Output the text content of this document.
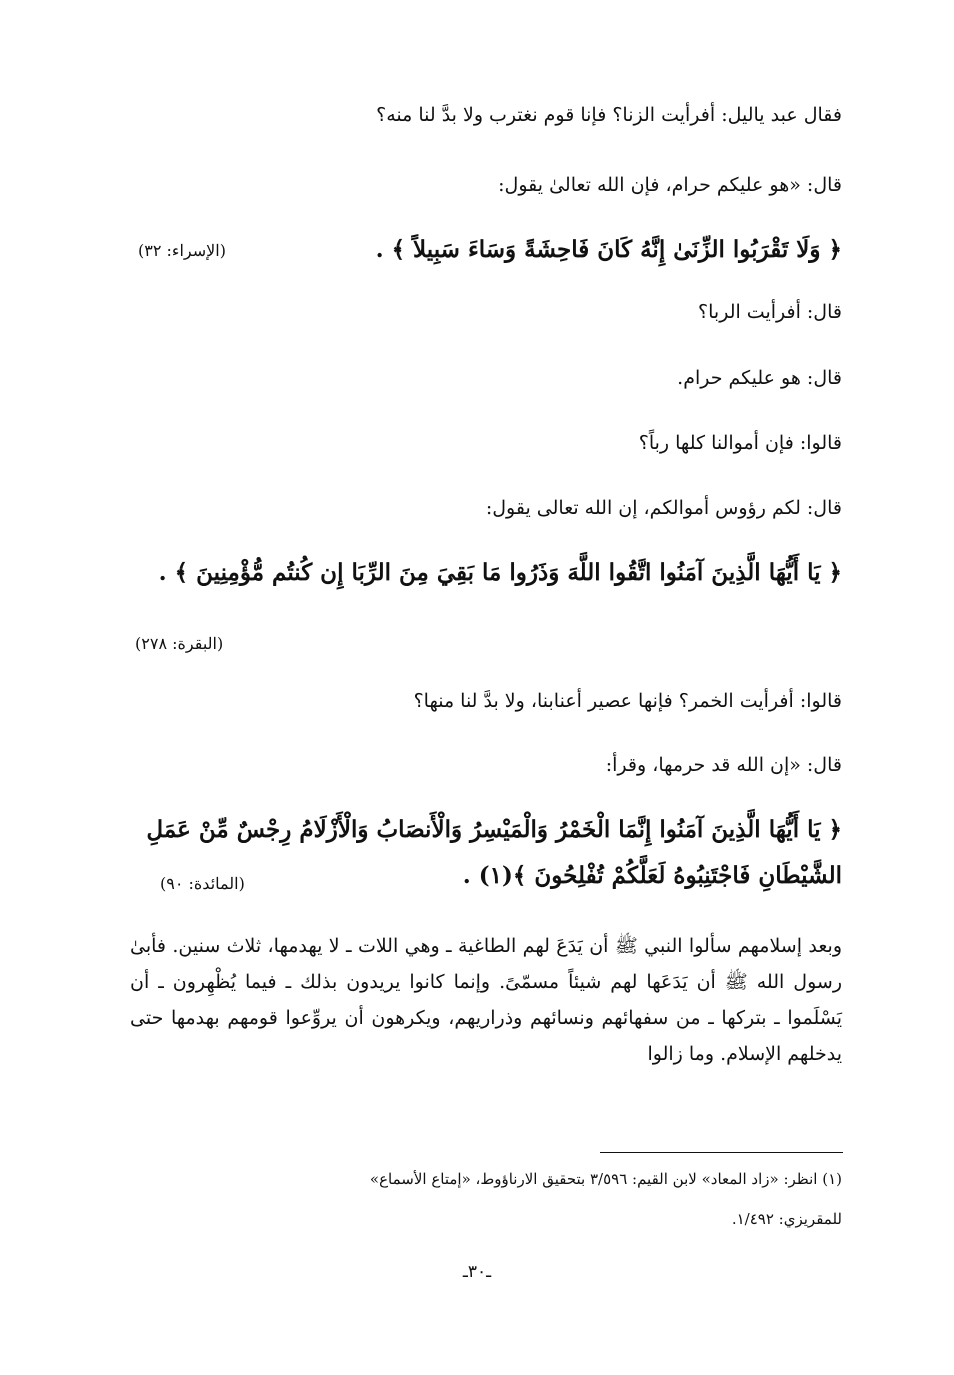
فقال عبد ياليل: أفرأيت الزنا؟ فإنا قوم نغترب ولا بدَّ لنا منه؟
قال: «هو عليكم حرام، فإن الله تعالىٰ يقول:
﴿ وَلَا تَقْرَبُوا الزِّنَىٰ إِنَّهُ كَانَ فَاحِشَةً وَسَاءَ سَبِيلاً ﴾ .
(الإسراء: ٣٢)
قال: أفرأيت الربا؟
قال: هو عليكم حرام.
قالوا: فإن أموالنا كلها رباً؟
قال: لكم رؤوس أموالكم، إن الله تعالى يقول:
﴿ يَا أَيُّهَا الَّذِينَ آمَنُوا اتَّقُوا اللَّهَ وَذَرُوا مَا بَقِيَ مِنَ الرِّبَا إِن كُنتُم مُّؤْمِنِينَ ﴾ .
(البقرة: ٢٧٨)
قالوا: أفرأيت الخمر؟ فإنها عصير أعنابنا، ولا بدَّ لنا منها؟
قال: «إن الله قد حرمها، وقرأ:
﴿ يَا أَيُّهَا الَّذِينَ آمَنُوا إِنَّمَا الْخَمْرُ وَالْمَيْسِرُ وَالْأَنصَابُ وَالْأَزْلَامُ رِجْسٌ مِّنْ عَمَلِ
الشَّيْطَانِ فَاجْتَنِبُوهُ لَعَلَّكُمْ تُفْلِحُونَ ﴾(١) .
(المائدة: ٩٠)
وبعد إسلامهم سألوا النبي ﷺ أن يَدَعَ لهم الطاغية ـ وهي اللات ـ لا يهدمها، ثلاث سنين. فأبىٰ رسول الله ﷺ أن يَدَعَها لهم شيئاً مسمّىً. وإنما كانوا يريدون بذلك ـ فيما يُظْهِرون ـ أن يَسْلَموا ـ بتركها ـ من سفهائهم ونسائهم وذراريهم، ويكرهون أن يروِّعوا قومهم بهدمها حتى يدخلهم الإسلام. وما زالوا
(١) انظر: «زاد المعاد» لابن القيم: ٣/٥٩٦ بتحقيق الارناؤوط، «إمتاع الأسماع»
للمقريزي: ١/٤٩٢.
ـ٣٠ـ
